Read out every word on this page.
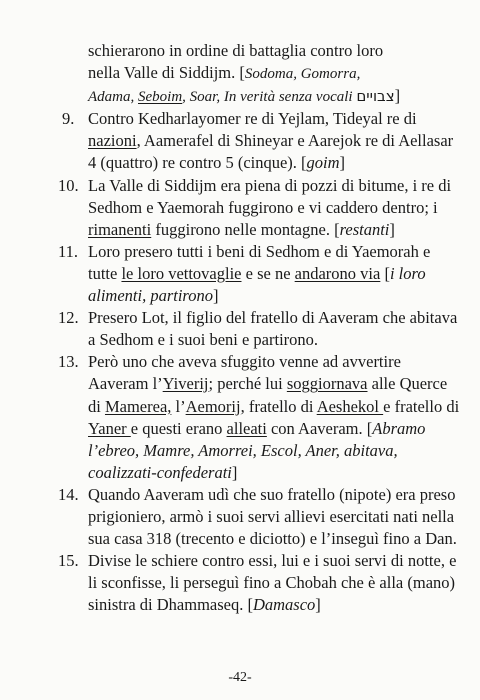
schierarono in ordine di battaglia contro loro
nella Valle di Siddijm. [Sodoma, Gomorra,
Adama, Seboim, Soar, In verità senza vocali צבויים]
9. Contro Kedharlayomer re di Yejlam, Tideyal re di nazioni, Aamerafel di Shineyar e Aarejok re di Aellasar 4 (quattro) re contro 5 (cinque). [goim]
10. La Valle di Siddijm era piena di pozzi di bitume, i re di Sedhom e Yaemorah fuggirono e vi caddero dentro; i rimanenti fuggirono nelle montagne. [restanti]
11. Loro presero tutti i beni di Sedhom e di Yaemorah e tutte le loro vettovaglie e se ne andarono via [i loro alimenti, partirono]
12. Presero Lot, il figlio del fratello di Aaveram che abitava a Sedhom e i suoi beni e partirono.
13. Però uno che aveva sfuggito venne ad avvertire Aaveram l’Yiverij; perché lui soggiornava alle Querce di Mamerea, l’Aemorij, fratello di Aeshekol e fratello di Yaner e questi erano alleati con Aaveram. [Abramo l’ebreo, Mamre, Amorrei, Escol, Aner, abitava, coalizzati-confederati]
14. Quando Aaveram udì che suo fratello (nipote) era preso prigioniero, armò i suoi servi allievi esercitati nati nella sua casa 318 (trecento e diciotto) e l’inseguì fino a Dan.
15. Divise le schiere contro essi, lui e i suoi servi di notte, e li sconfisse, li perseguì fino a Chobah che è alla (mano) sinistra di Dhammaseq. [Damasco]
-42-
